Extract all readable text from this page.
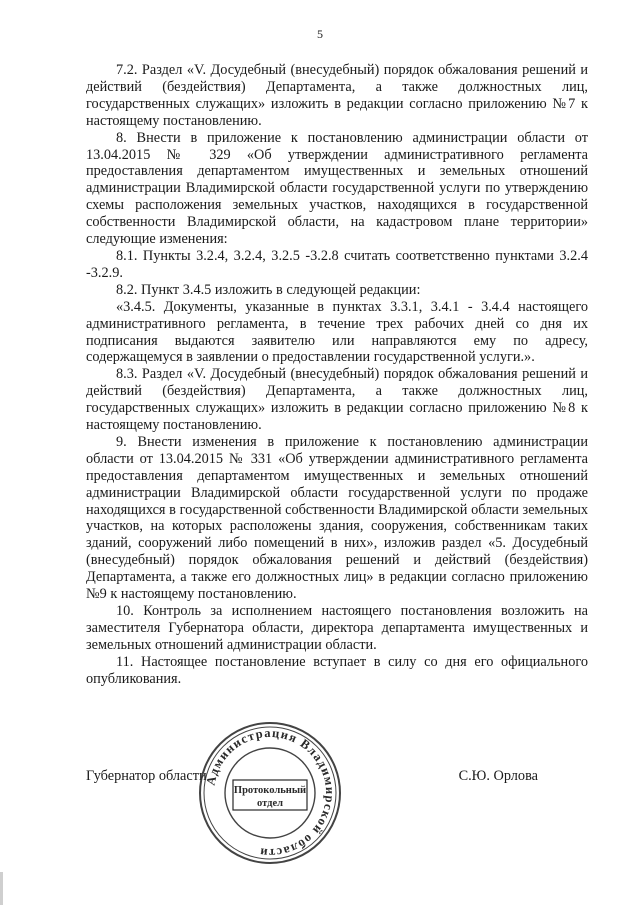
5

7.2. Раздел «V. Досудебный (внесудебный) порядок обжалования решений и действий (бездействия) Департамента, а также должностных лиц, государственных служащих» изложить в редакции согласно приложению №7 к настоящему постановлению.

8. Внести в приложение к постановлению администрации области от 13.04.2015 № 329 «Об утверждении административного регламента предоставления департаментом имущественных и земельных отношений администрации Владимирской области государственной услуги по утверждению схемы расположения земельных участков, находящихся в государственной собственности Владимирской области, на кадастровом плане территории» следующие изменения:

8.1. Пункты 3.2.4, 3.2.4, 3.2.5 -3.2.8 считать соответственно пунктами 3.2.4 -3.2.9.

8.2. Пункт 3.4.5 изложить в следующей редакции:

«3.4.5. Документы, указанные в пунктах 3.3.1, 3.4.1 - 3.4.4 настоящего административного регламента, в течение трех рабочих дней со дня их подписания выдаются заявителю или направляются ему по адресу, содержащемуся в заявлении о предоставлении государственной услуги.».

8.3. Раздел «V. Досудебный (внесудебный) порядок обжалования решений и действий (бездействия) Департамента, а также должностных лиц, государственных служащих» изложить в редакции согласно приложению №8 к настоящему постановлению.

9. Внести изменения в приложение к постановлению администрации области от 13.04.2015 № 331 «Об утверждении административного регламента предоставления департаментом имущественных и земельных отношений администрации Владимирской области государственной услуги по продаже находящихся в государственной собственности Владимирской области земельных участков, на которых расположены здания, сооружения, собственникам таких зданий, сооружений либо помещений в них», изложив раздел «5. Досудебный (внесудебный) порядок обжалования решений и действий (бездействия) Департамента, а также его должностных лиц» в редакции согласно приложению №9 к настоящему постановлению.

10. Контроль за исполнением настоящего постановления возложить на заместителя Губернатора области, директора департамента имущественных и земельных отношений администрации области.

11. Настоящее постановление вступает в силу со дня его официального опубликования.

Губернатор области	С.Ю. Орлова
Администрация Владимирской области
Протокольный
отдел
